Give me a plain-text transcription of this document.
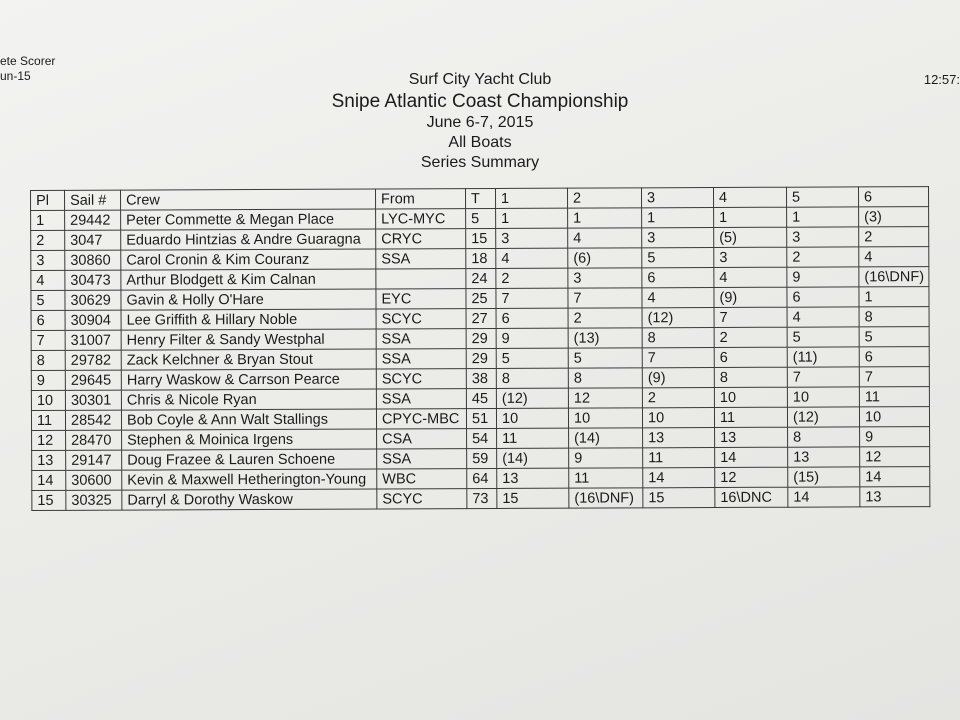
ete Scorer
un-15	12:57:
Surf City Yacht Club
Snipe Atlantic Coast Championship
June 6-7, 2015
All Boats
Series Summary
Pl	Sail #	Crew	From	T	1	2	3	4	5	6
1	29442	Peter Commette & Megan Place	LYC-MYC	5	1	1	1	1	1	(3)
2	3047	Eduardo Hintzias & Andre Guaragna	CRYC	15	3	4	3	(5)	3	2
3	30860	Carol Cronin & Kim Couranz	SSA	18	4	(6)	5	3	2	4
4	30473	Arthur Blodgett & Kim Calnan		24	2	3	6	4	9	(16\DNF)
5	30629	Gavin & Holly O'Hare	EYC	25	7	7	4	(9)	6	1
6	30904	Lee Griffith & Hillary Noble	SCYC	27	6	2	(12)	7	4	8
7	31007	Henry Filter & Sandy Westphal	SSA	29	9	(13)	8	2	5	5
8	29782	Zack Kelchner & Bryan Stout	SSA	29	5	5	7	6	(11)	6
9	29645	Harry Waskow & Carrson Pearce	SCYC	38	8	8	(9)	8	7	7
10	30301	Chris & Nicole Ryan	SSA	45	(12)	12	2	10	10	11
11	28542	Bob Coyle & Ann Walt Stallings	CPYC-MBC	51	10	10	10	11	(12)	10
12	28470	Stephen & Moinica Irgens	CSA	54	11	(14)	13	13	8	9
13	29147	Doug Frazee & Lauren Schoene	SSA	59	(14)	9	11	14	13	12
14	30600	Kevin & Maxwell Hetherington-Young	WBC	64	13	11	14	12	(15)	14
15	30325	Darryl & Dorothy Waskow	SCYC	73	15	(16\DNF)	15	16\DNC	14	13
